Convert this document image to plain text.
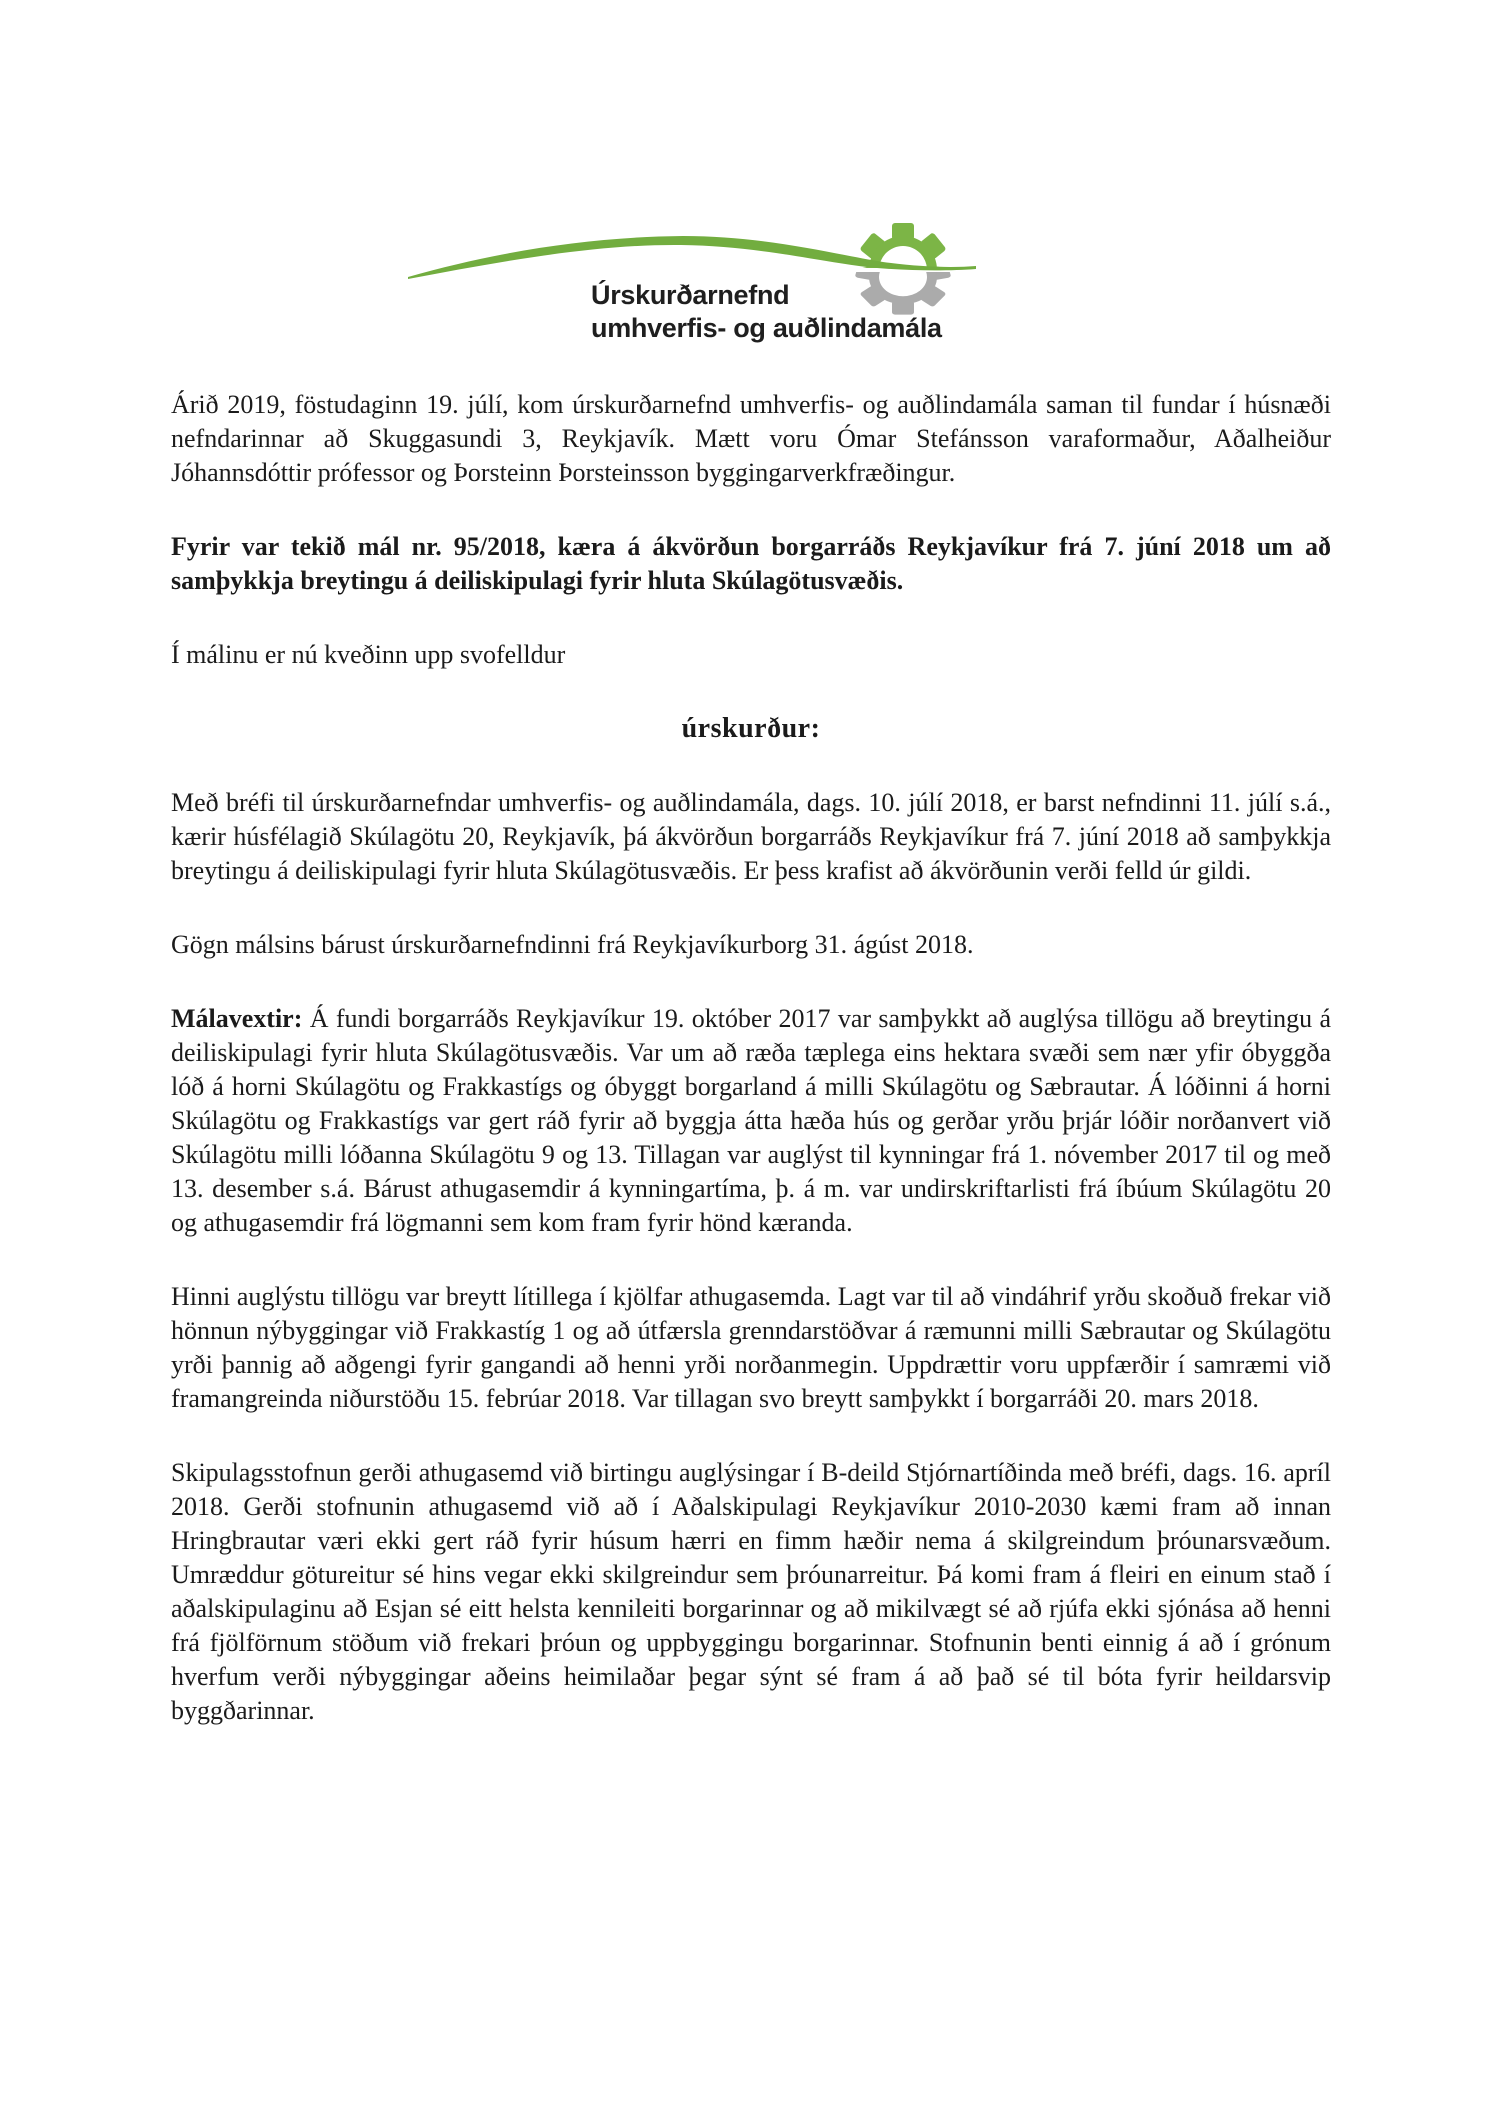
Úrskurðarnefnd
umhverfis- og auðlindamála

Árið 2019, föstudaginn 19. júlí, kom úrskurðarnefnd umhverfis- og auðlindamála saman til fundar í húsnæði nefndarinnar að Skuggasundi 3, Reykjavík. Mætt voru Ómar Stefánsson varaformaður, Aðalheiður Jóhannsdóttir prófessor og Þorsteinn Þorsteinsson byggingarverkfræðingur.

Fyrir var tekið mál nr. 95/2018, kæra á ákvörðun borgarráðs Reykjavíkur frá 7. júní 2018 um að samþykkja breytingu á deiliskipulagi fyrir hluta Skúlagötusvæðis.

Í málinu er nú kveðinn upp svofelldur

úrskurður:

Með bréfi til úrskurðarnefndar umhverfis- og auðlindamála, dags. 10. júlí 2018, er barst nefndinni 11. júlí s.á., kærir húsfélagið Skúlagötu 20, Reykjavík, þá ákvörðun borgarráðs Reykjavíkur frá 7. júní 2018 að samþykkja breytingu á deiliskipulagi fyrir hluta Skúlagötusvæðis. Er þess krafist að ákvörðunin verði felld úr gildi.

Gögn málsins bárust úrskurðarnefndinni frá Reykjavíkurborg 31. ágúst 2018.

Málavextir: Á fundi borgarráðs Reykjavíkur 19. október 2017 var samþykkt að auglýsa tillögu að breytingu á deiliskipulagi fyrir hluta Skúlagötusvæðis. Var um að ræða tæplega eins hektara svæði sem nær yfir óbyggða lóð á horni Skúlagötu og Frakkastígs og óbyggt borgarland á milli Skúlagötu og Sæbrautar. Á lóðinni á horni Skúlagötu og Frakkastígs var gert ráð fyrir að byggja átta hæða hús og gerðar yrðu þrjár lóðir norðanvert við Skúlagötu milli lóðanna Skúlagötu 9 og 13. Tillagan var auglýst til kynningar frá 1. nóvember 2017 til og með 13. desember s.á. Bárust athugasemdir á kynningartíma, þ. á m. var undirskriftarlisti frá íbúum Skúlagötu 20 og athugasemdir frá lögmanni sem kom fram fyrir hönd kæranda.

Hinni auglýstu tillögu var breytt lítillega í kjölfar athugasemda. Lagt var til að vindáhrif yrðu skoðuð frekar við hönnun nýbyggingar við Frakkastíg 1 og að útfærsla grenndarstöðvar á ræmunni milli Sæbrautar og Skúlagötu yrði þannig að aðgengi fyrir gangandi að henni yrði norðanmegin. Uppdrættir voru uppfærðir í samræmi við framangreinda niðurstöðu 15. febrúar 2018. Var tillagan svo breytt samþykkt í borgarráði 20. mars 2018.

Skipulagsstofnun gerði athugasemd við birtingu auglýsingar í B-deild Stjórnartíðinda með bréfi, dags. 16. apríl 2018. Gerði stofnunin athugasemd við að í Aðalskipulagi Reykjavíkur 2010-2030 kæmi fram að innan Hringbrautar væri ekki gert ráð fyrir húsum hærri en fimm hæðir nema á skilgreindum þróunarsvæðum. Umræddur götureitur sé hins vegar ekki skilgreindur sem þróunarreitur. Þá komi fram á fleiri en einum stað í aðalskipulaginu að Esjan sé eitt helsta kennileiti borgarinnar og að mikilvægt sé að rjúfa ekki sjónása að henni frá fjölförnum stöðum við frekari þróun og uppbyggingu borgarinnar. Stofnunin benti einnig á að í grónum hverfum verði nýbyggingar aðeins heimilaðar þegar sýnt sé fram á að það sé til bóta fyrir heildarsvip byggðarinnar.
